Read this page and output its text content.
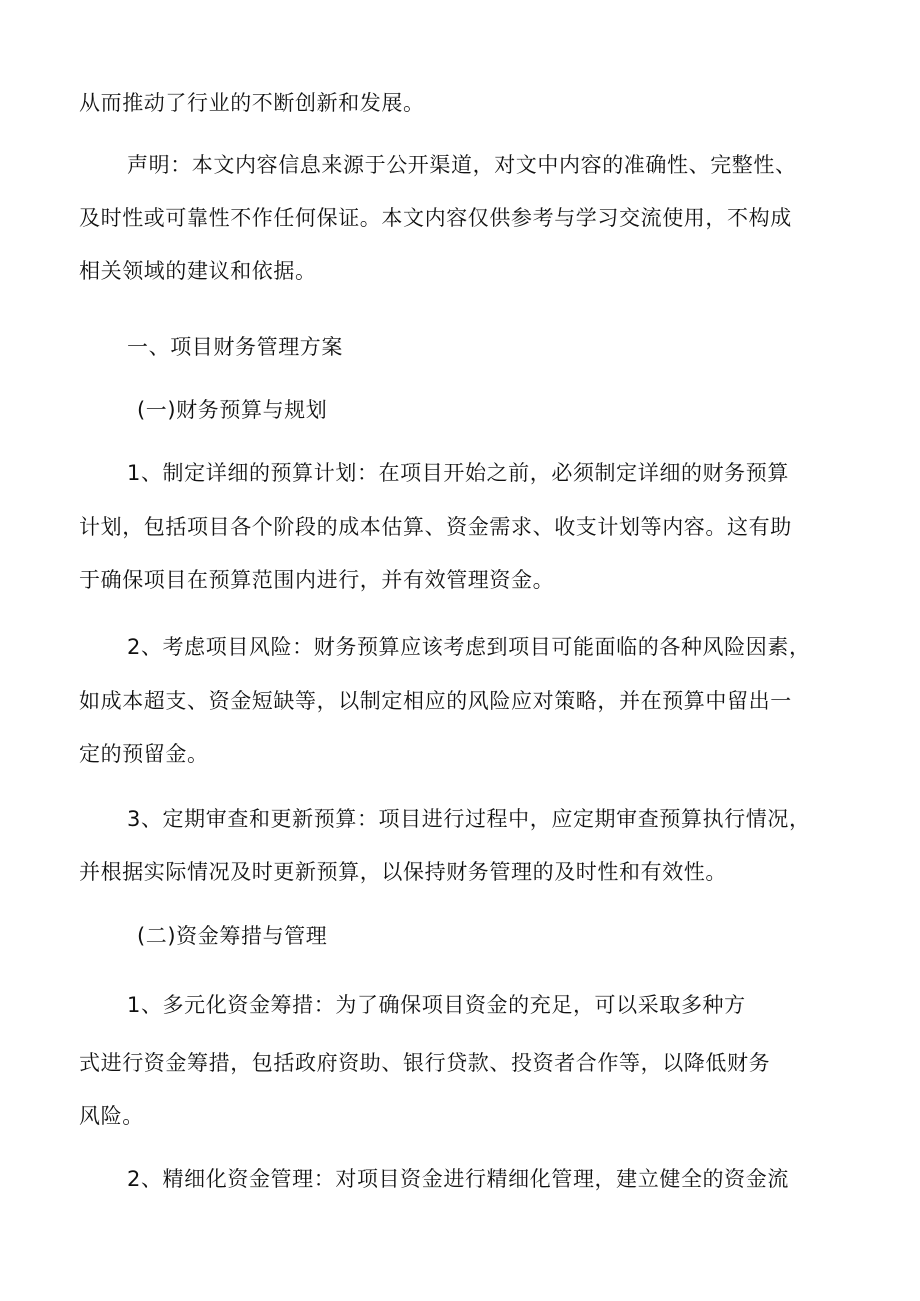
从而推动了行业的不断创新和发展。
声明：本文内容信息来源于公开渠道，对文中内容的准确性、完整性、
及时性或可靠性不作任何保证。本文内容仅供参考与学习交流使用，不构成
相关领域的建议和依据。
一、项目财务管理方案
(一)财务预算与规划
1、制定详细的预算计划：在项目开始之前，必须制定详细的财务预算
计划，包括项目各个阶段的成本估算、资金需求、收支计划等内容。这有助
于确保项目在预算范围内进行，并有效管理资金。
2、考虑项目风险：财务预算应该考虑到项目可能面临的各种风险因素，
如成本超支、资金短缺等，以制定相应的风险应对策略，并在预算中留出一
定的预留金。
3、定期审查和更新预算：项目进行过程中，应定期审查预算执行情况，
并根据实际情况及时更新预算，以保持财务管理的及时性和有效性。
(二)资金筹措与管理
1、多元化资金筹措：为了确保项目资金的充足，可以采取多种方
式进行资金筹措，包括政府资助、银行贷款、投资者合作等，以降低财务
风险。
2、精细化资金管理：对项目资金进行精细化管理，建立健全的资金流
